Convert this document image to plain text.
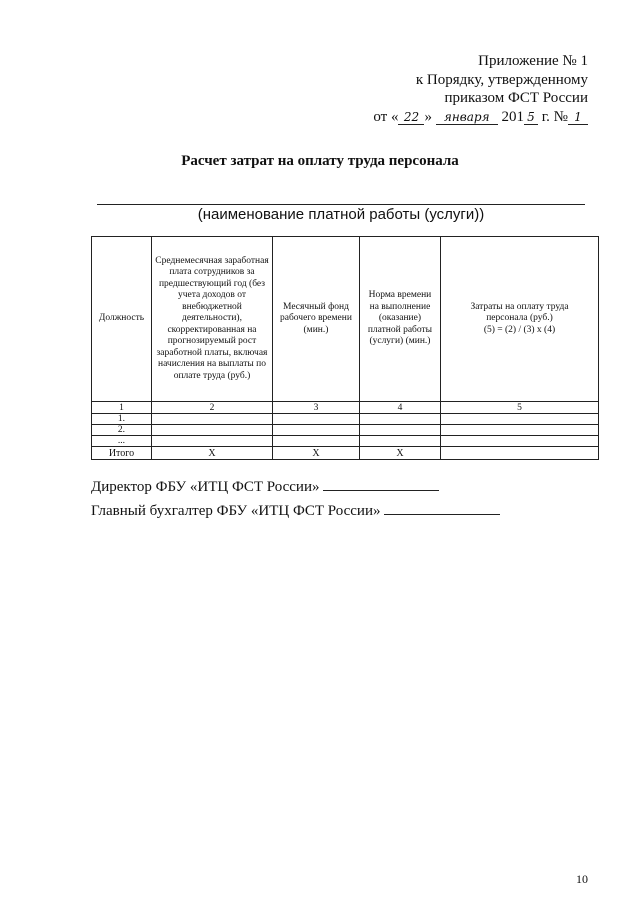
Приложение № 1
к Порядку, утвержденному
приказом ФСТ России
от « 22 » января 201 5 г. № 1
Расчет затрат на оплату труда персонала
(наименование платной работы (услуги))
Должность	Среднемесячная заработная плата сотрудников за предшествующий год (без учета доходов от внебюджетной деятельности), скорректированная на прогнозируемый рост заработной платы, включая начисления на выплаты по оплате труда (руб.)	Месячный фонд рабочего времени (мин.)	Норма времени на выполнение (оказание) платной работы (услуги) (мин.)	Затраты на оплату труда персонала (руб.)
(5) = (2) / (3) x (4)
1	2	3	4	5
1.				
2.				
...				
Итого	X	X	X	
Директор ФБУ «ИТЦ ФСТ России»
Главный бухгалтер ФБУ «ИТЦ ФСТ России»
10
